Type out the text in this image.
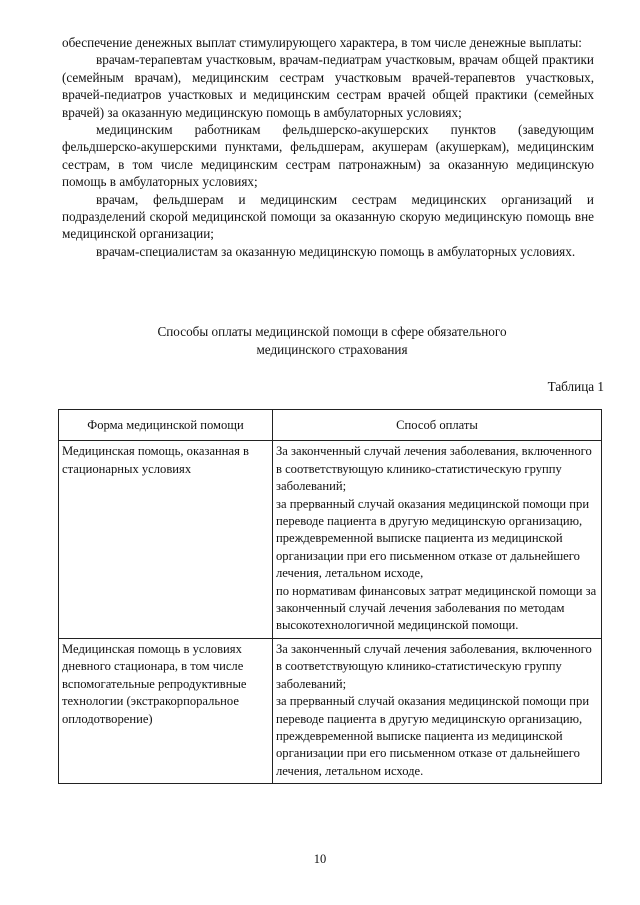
обеспечение денежных выплат стимулирующего характера, в том числе денежные выплаты:

врачам-терапевтам участковым, врачам-педиатрам участковым, врачам общей практики (семейным врачам), медицинским сестрам участковым врачей-терапевтов участковых, врачей-педиатров участковых и медицинским сестрам врачей общей практики (семейных врачей) за оказанную медицинскую помощь в амбулаторных условиях;

медицинским работникам фельдшерско-акушерских пунктов (заведующим фельдшерско-акушерскими пунктами, фельдшерам, акушерам (акушеркам), медицинским сестрам, в том числе медицинским сестрам патронажным) за оказанную медицинскую помощь в амбулаторных условиях;

врачам, фельдшерам и медицинским сестрам медицинских организаций и подразделений скорой медицинской помощи за оказанную скорую медицинскую помощь вне медицинской организации;

врачам-специалистам за оказанную медицинскую помощь в амбулаторных условиях.

Способы оплаты медицинской помощи в сфере обязательного
медицинского страхования
Таблица 1
Форма медицинской помощи	Способ оплаты
Медицинская помощь, оказанная в стационарных условиях	За законченный случай лечения заболевания, включенного в соответствующую клинико-статистическую группу заболеваний;
за прерванный случай оказания медицинской помощи при переводе пациента в другую медицинскую организацию, преждевременной выписке пациента из медицинской организации при его письменном отказе от дальнейшего лечения, летальном исходе,
по нормативам финансовых затрат медицинской помощи за законченный случай лечения заболевания по методам высокотехнологичной медицинской помощи.

Медицинская помощь в условиях дневного стационара, в том числе вспомогательные репродуктивные технологии (экстракорпоральное оплодотворение)	За законченный случай лечения заболевания, включенного в соответствующую клинико-статистическую группу заболеваний;
за прерванный случай оказания медицинской помощи при переводе пациента в другую медицинскую организацию, преждевременной выписке пациента из медицинской организации при его письменном отказе от дальнейшего лечения, летальном исходе.
10
